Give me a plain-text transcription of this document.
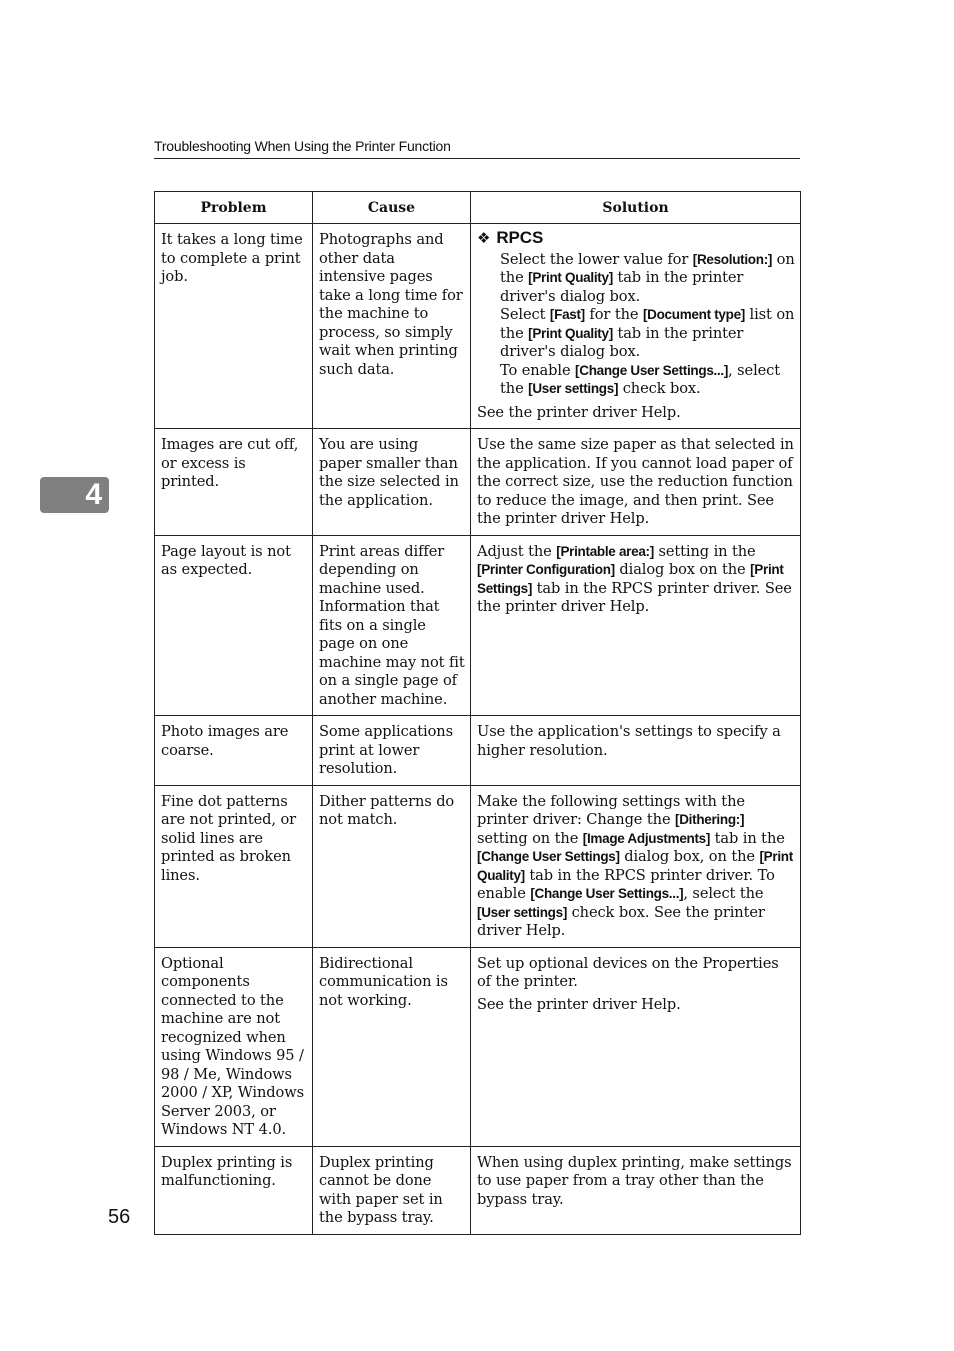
Troubleshooting When Using the Printer Function
4
Problem	Cause	Solution
It takes a long time to complete a print job.	Photographs and other data intensive pages take a long time for the machine to process, so simply wait when printing such data.	❖ RPCS

Select the lower value for [Resolution:] on the [Print Quality] tab in the printer driver's dialog box.

Select [Fast] for the [Document type] list on the [Print Quality] tab in the printer driver's dialog box.

To enable [Change User Settings...], select the [User settings] check box.

See the printer driver Help.

Images are cut off, or excess is printed.	You are using paper smaller than the size selected in the application.	Use the same size paper as that selected in the application. If you cannot load paper of the correct size, use the reduction function to reduce the image, and then print. See the printer driver Help.
Page layout is not as expected.	Print areas differ depending on machine used. Information that fits on a single page on one machine may not fit on a single page of another machine.	Adjust the [Printable area:] setting in the [Printer Configuration] dialog box on the [Print Settings] tab in the RPCS printer driver. See the printer driver Help.
Photo images are coarse.	Some applications print at lower resolution.	Use the application's settings to specify a higher resolution.
Fine dot patterns are not printed, or solid lines are printed as broken lines.	Dither patterns do not match.	Make the following settings with the printer driver: Change the [Dithering:] setting on the [Image Adjustments] tab in the [Change User Settings] dialog box, on the [Print Quality] tab in the RPCS printer driver. To enable [Change User Settings...], select the [User settings] check box. See the printer driver Help.
Optional components connected to the machine are not recognized when using Windows 95 / 98 / Me, Windows 2000 / XP, Windows Server 2003, or Windows NT 4.0.	Bidirectional communication is not working.	Set up optional devices on the Properties of the printer.

See the printer driver Help.

Duplex printing is malfunctioning.	Duplex printing cannot be done with paper set in the bypass tray.	When using duplex printing, make settings to use paper from a tray other than the bypass tray.
56
